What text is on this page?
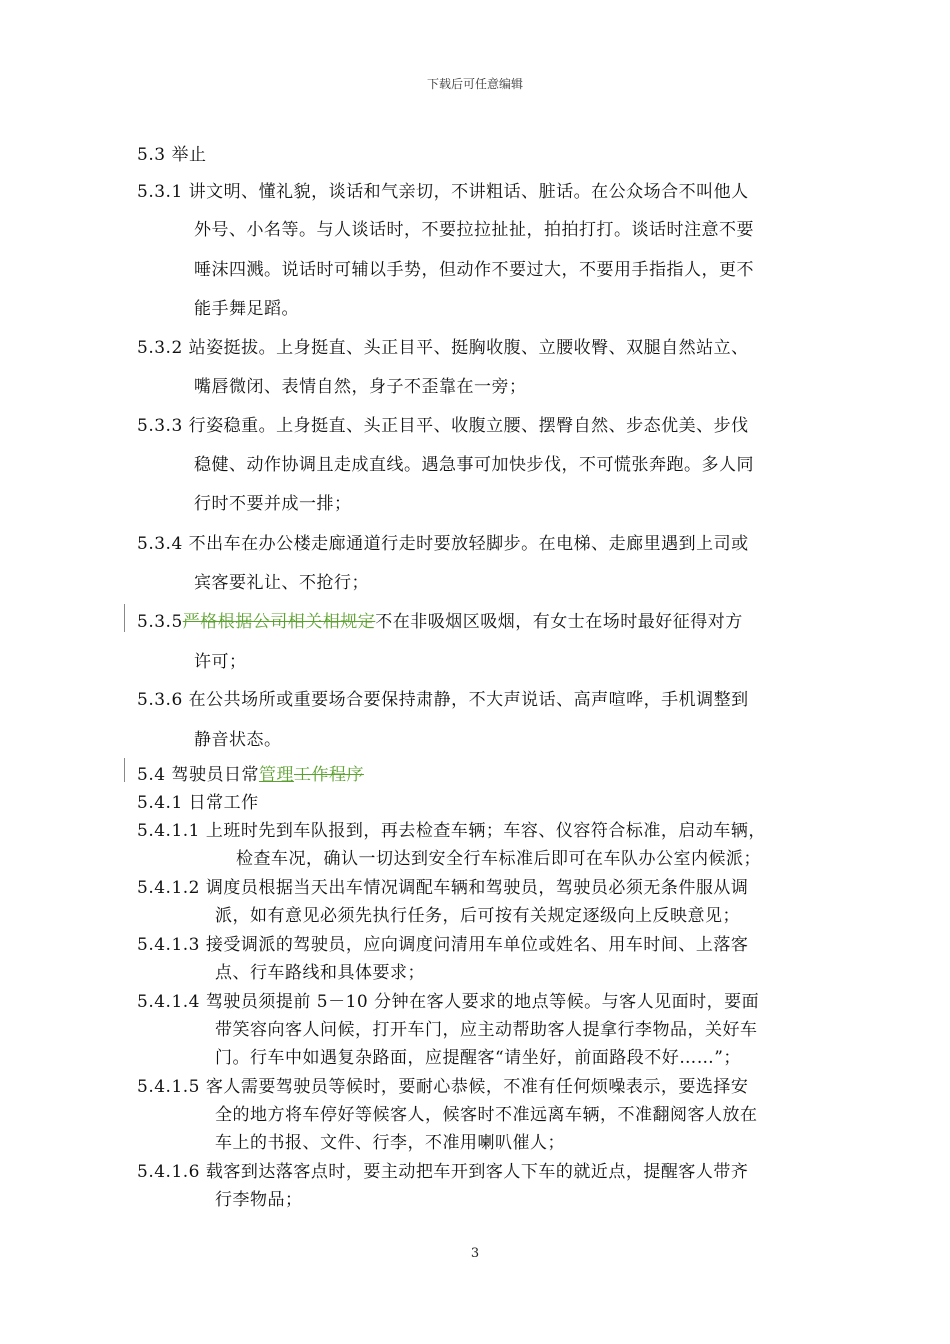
下载后可任意编辑
5.3 举止
5.3.1 讲文明、懂礼貌，谈话和气亲切，不讲粗话、脏话。在公众场合不叫他人
外号、小名等。与人谈话时，不要拉拉扯扯，拍拍打打。谈话时注意不要
唾沫四溅。说话时可辅以手势，但动作不要过大，不要用手指指人，更不
能手舞足蹈。
5.3.2 站姿挺拔。上身挺直、头正目平、挺胸收腹、立腰收臀、双腿自然站立、
嘴唇微闭、表情自然，身子不歪靠在一旁；
5.3.3 行姿稳重。上身挺直、头正目平、收腹立腰、摆臀自然、步态优美、步伐
稳健、动作协调且走成直线。遇急事可加快步伐，不可慌张奔跑。多人同
行时不要并成一排；
5.3.4 不出车在办公楼走廊通道行走时要放轻脚步。在电梯、走廊里遇到上司或
宾客要礼让、不抢行；
5.3.5严格根据公司相关相规定不在非吸烟区吸烟，有女士在场时最好征得对方
许可；
5.3.6 在公共场所或重要场合要保持肃静，不大声说话、高声喧哗，手机调整到
静音状态。
5.4 驾驶员日常管理工作程序
5.4.1 日常工作
5.4.1.1 上班时先到车队报到，再去检查车辆；车容、仪容符合标准，启动车辆，
检查车况，确认一切达到安全行车标准后即可在车队办公室内候派；
5.4.1.2 调度员根据当天出车情况调配车辆和驾驶员，驾驶员必须无条件服从调
派，如有意见必须先执行任务，后可按有关规定逐级向上反映意见；
5.4.1.3 接受调派的驾驶员，应向调度问清用车单位或姓名、用车时间、上落客
点、行车路线和具体要求；
5.4.1.4 驾驶员须提前 5－10 分钟在客人要求的地点等候。与客人见面时，要面
带笑容向客人问候，打开车门，应主动帮助客人提拿行李物品，关好车
门。行车中如遇复杂路面，应提醒客“请坐好，前面路段不好……”；
5.4.1.5 客人需要驾驶员等候时，要耐心恭候，不准有任何烦噪表示，要选择安
全的地方将车停好等候客人，候客时不准远离车辆，不准翻阅客人放在
车上的书报、文件、行李，不准用喇叭催人；
5.4.1.6 载客到达落客点时，要主动把车开到客人下车的就近点，提醒客人带齐
行李物品；
3
